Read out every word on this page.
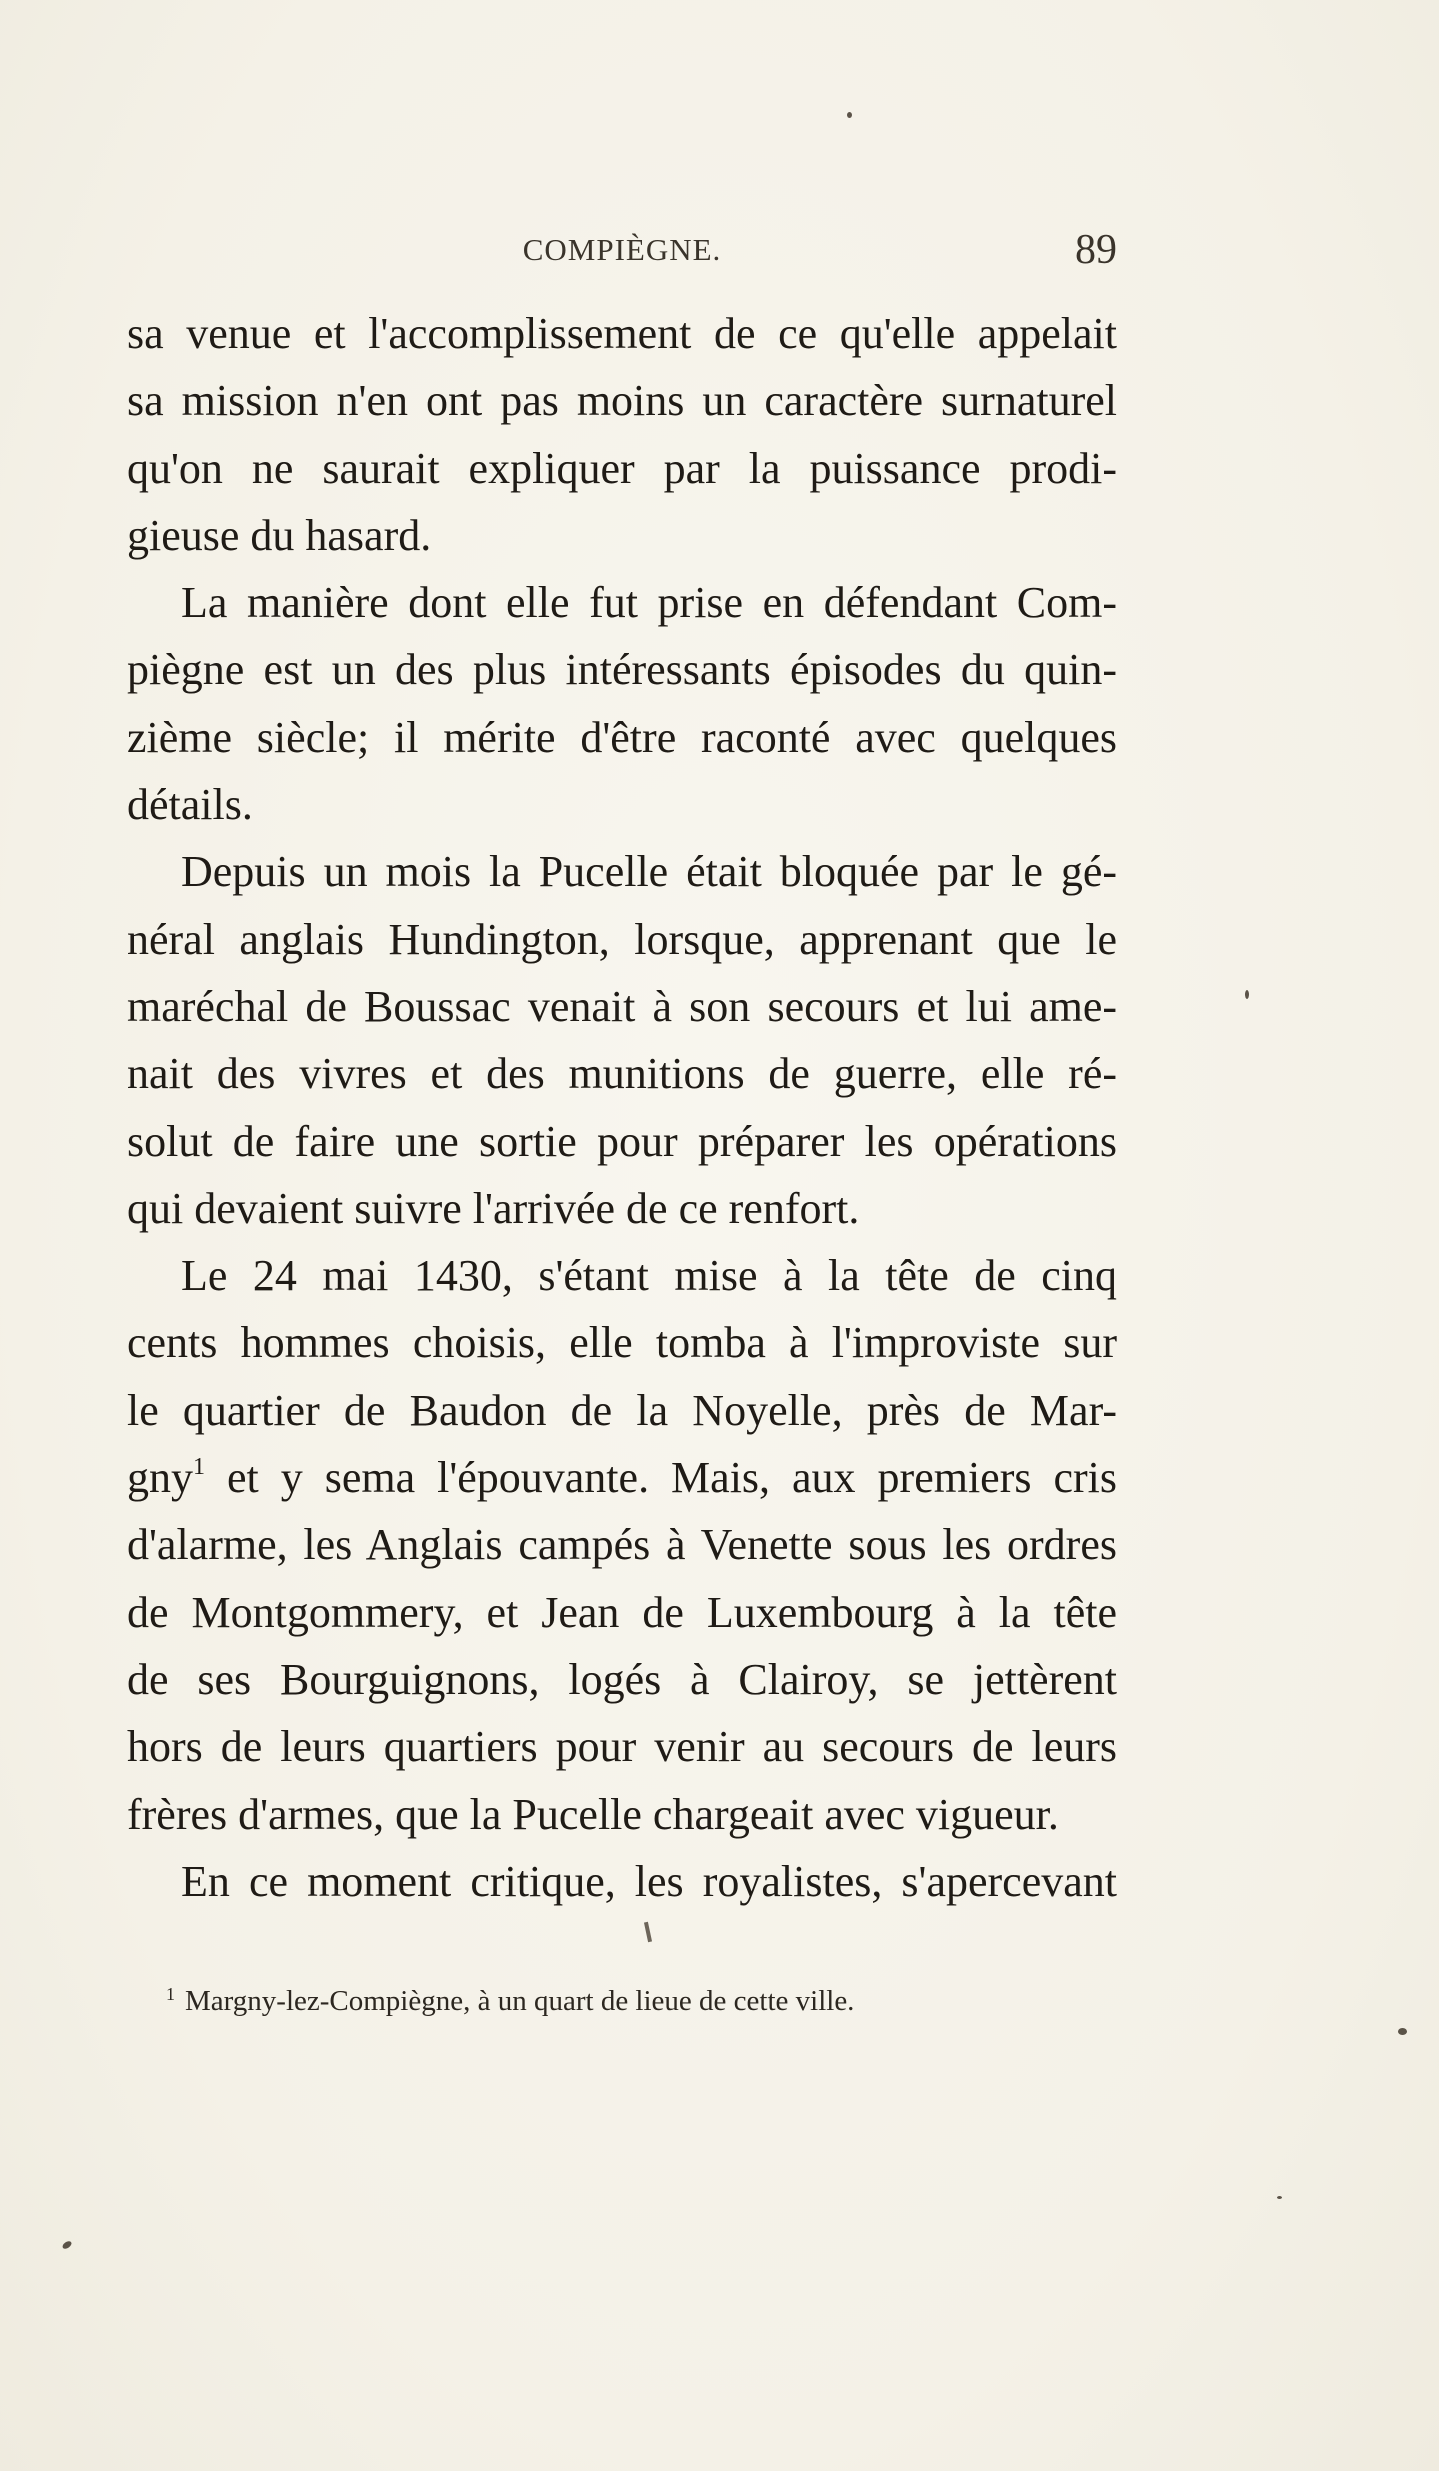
COMPIÈGNE.	89
sa venue et l'accomplissement de ce qu'elle appelait
sa mission n'en ont pas moins un caractère surnaturel
qu'on ne saurait expliquer par la puissance prodi-
gieuse du hasard.
La manière dont elle fut prise en défendant Com-
piègne est un des plus intéressants épisodes du quin-
zième siècle; il mérite d'être raconté avec quelques
détails.
Depuis un mois la Pucelle était bloquée par le gé-
néral anglais Hundington, lorsque, apprenant que le
maréchal de Boussac venait à son secours et lui ame-
nait des vivres et des munitions de guerre, elle ré-
solut de faire une sortie pour préparer les opérations
qui devaient suivre l'arrivée de ce renfort.
Le 24 mai 1430, s'étant mise à la tête de cinq
cents hommes choisis, elle tomba à l'improviste sur
le quartier de Baudon de la Noyelle, près de Mar-
gny$^1$ et y sema l'épouvante. Mais, aux premiers cris
d'alarme, les Anglais campés à Venette sous les ordres
de Montgommery, et Jean de Luxembourg à la tête
de ses Bourguignons, logés à Clairoy, se jettèrent
hors de leurs quartiers pour venir au secours de leurs
frères d'armes, que la Pucelle chargeait avec vigueur.
En ce moment critique, les royalistes, s'apercevant
$^1$ Margny-lez-Compiègne, à un quart de lieue de cette ville.
